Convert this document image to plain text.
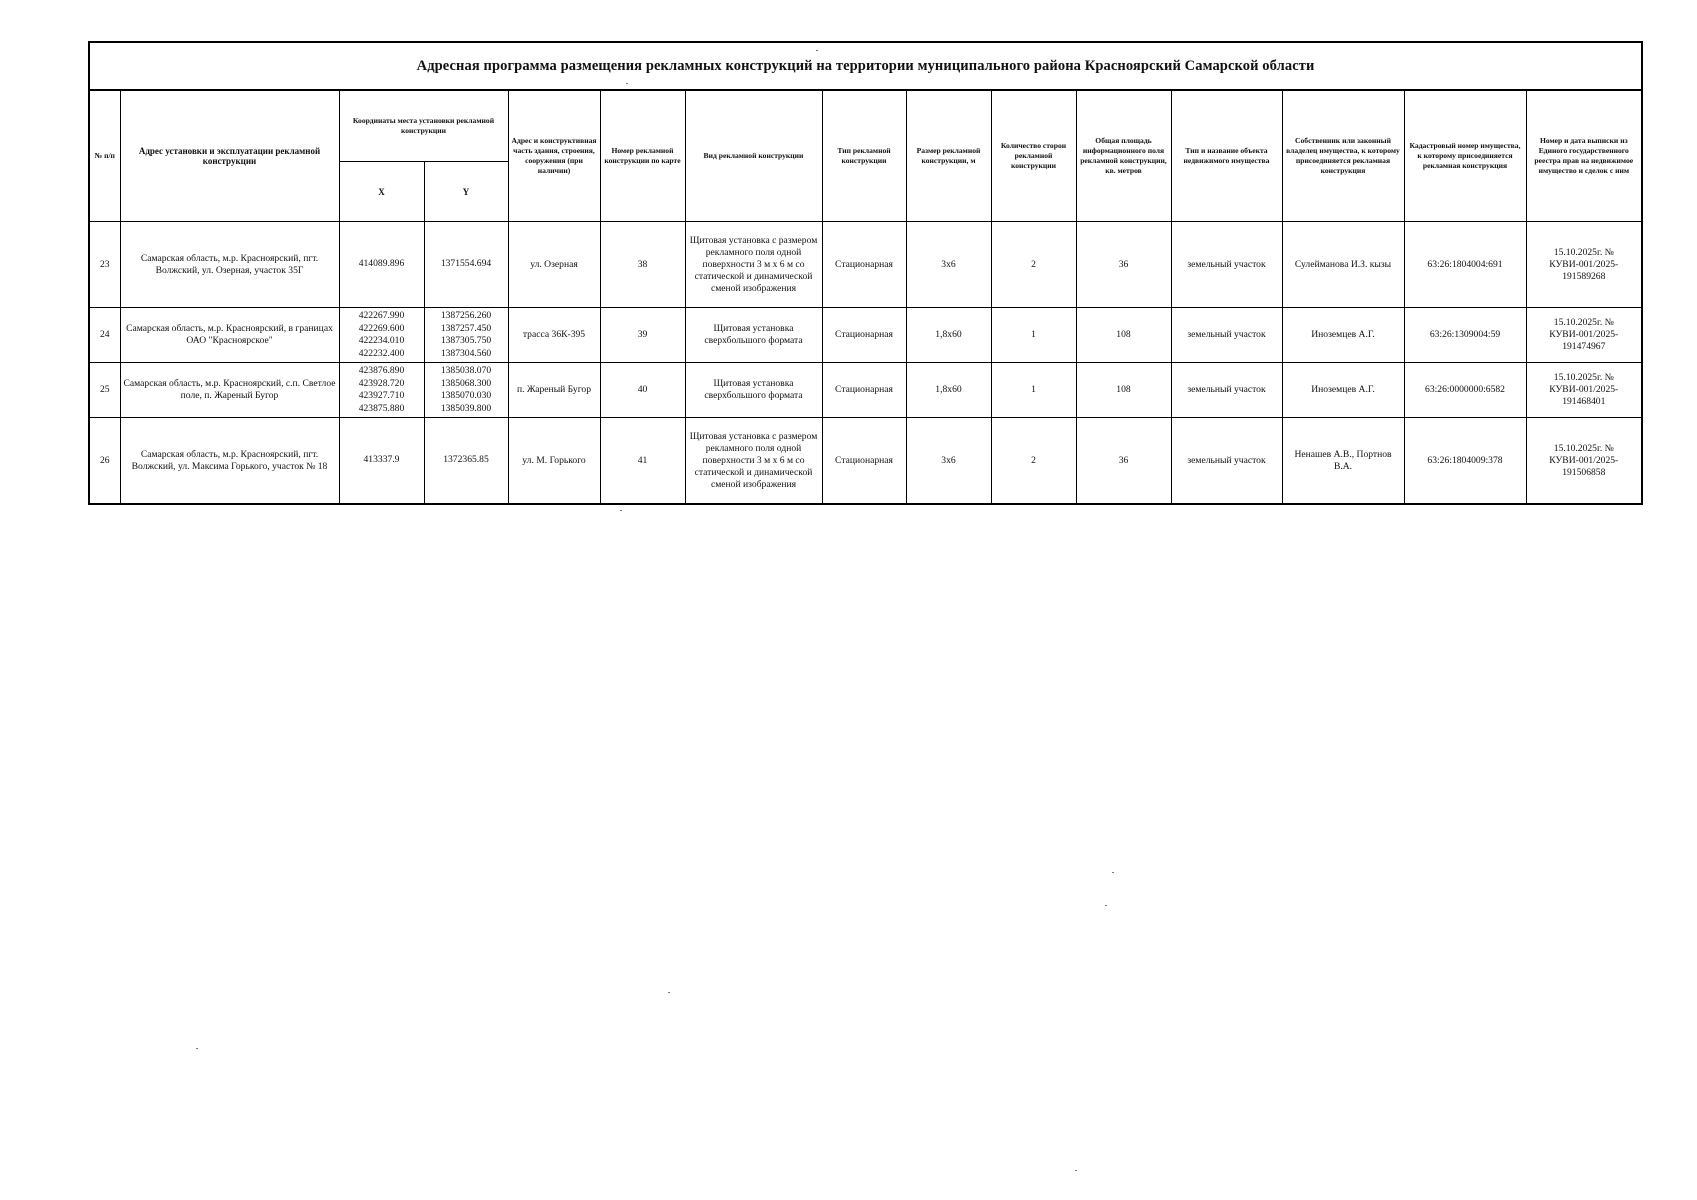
Адресная программа размещения рекламных конструкций на территории муниципального района Красноярский Самарской области														
№ п/п	Адрес установки и эксплуатации рекламной конструкции	Координаты места установки рекламной конструкции		Адрес и конструктивная часть здания, строения, сооружения (при наличии)	Номер рекламной конструкции по карте	Вид рекламной конструкции	Тип рекламной конструкции	Размер рекламной конструкции, м	Количество сторон рекламной конструкции	Общая площадь информационного поля рекламной конструкции, кв. метров	Тип и название объекта недвижимого имущества	Собственник или законный владелец имущества, к которому присоединяется рекламная конструкция	Кадастровый номер имущества, к которому присоединяется рекламная конструкция	Номер и дата выписки из Единого государственного реестра прав на недвижимое имущество и сделок с ним
		X	Y											
23	Самарская область, м.р. Красноярский, пгт. Волжский, ул. Озерная, участок 35Г	414089.896	1371554.694	ул. Озерная	38	Щитовая установка с размером рекламного поля одной поверхности 3 м х 6 м со статической и динамической сменой изображения	Стационарная	3х6	2	36	земельный участок	Сулейманова И.З. кызы	63:26:1804004:691	15.10.2025г. № КУВИ-001/2025-191589268
24	Самарская область, м.р. Красноярский, в границах ОАО "Красноярское"	422267.990
422269.600
422234.010
422232.400	1387256.260
1387257.450
1387305.750
1387304.560	трасса 36К-395	39	Щитовая установка сверхбольшого формата	Стационарная	1,8х60	1	108	земельный участок	Иноземцев А.Г.	63:26:1309004:59	15.10.2025г. № КУВИ-001/2025-191474967
25	Самарская область, м.р. Красноярский, с.п. Светлое поле, п. Жареный Бугор	423876.890
423928.720
423927.710
423875.880	1385038.070
1385068.300
1385070.030
1385039.800	п. Жареный Бугор	40	Щитовая установка сверхбольшого формата	Стационарная	1,8х60	1	108	земельный участок	Иноземцев А.Г.	63:26:0000000:6582	15.10.2025г. № КУВИ-001/2025-191468401
26	Самарская область, м.р. Красноярский, пгт. Волжский, ул. Максима Горького, участок № 18	413337.9	1372365.85	ул. М. Горького	41	Щитовая установка с размером рекламного поля одной поверхности 3 м х 6 м со статической и динамической сменой изображения	Стационарная	3х6	2	36	земельный участок	Ненашев А.В., Портнов В.А.	63:26:1804009:378	15.10.2025г. № КУВИ-001/2025-191506858
